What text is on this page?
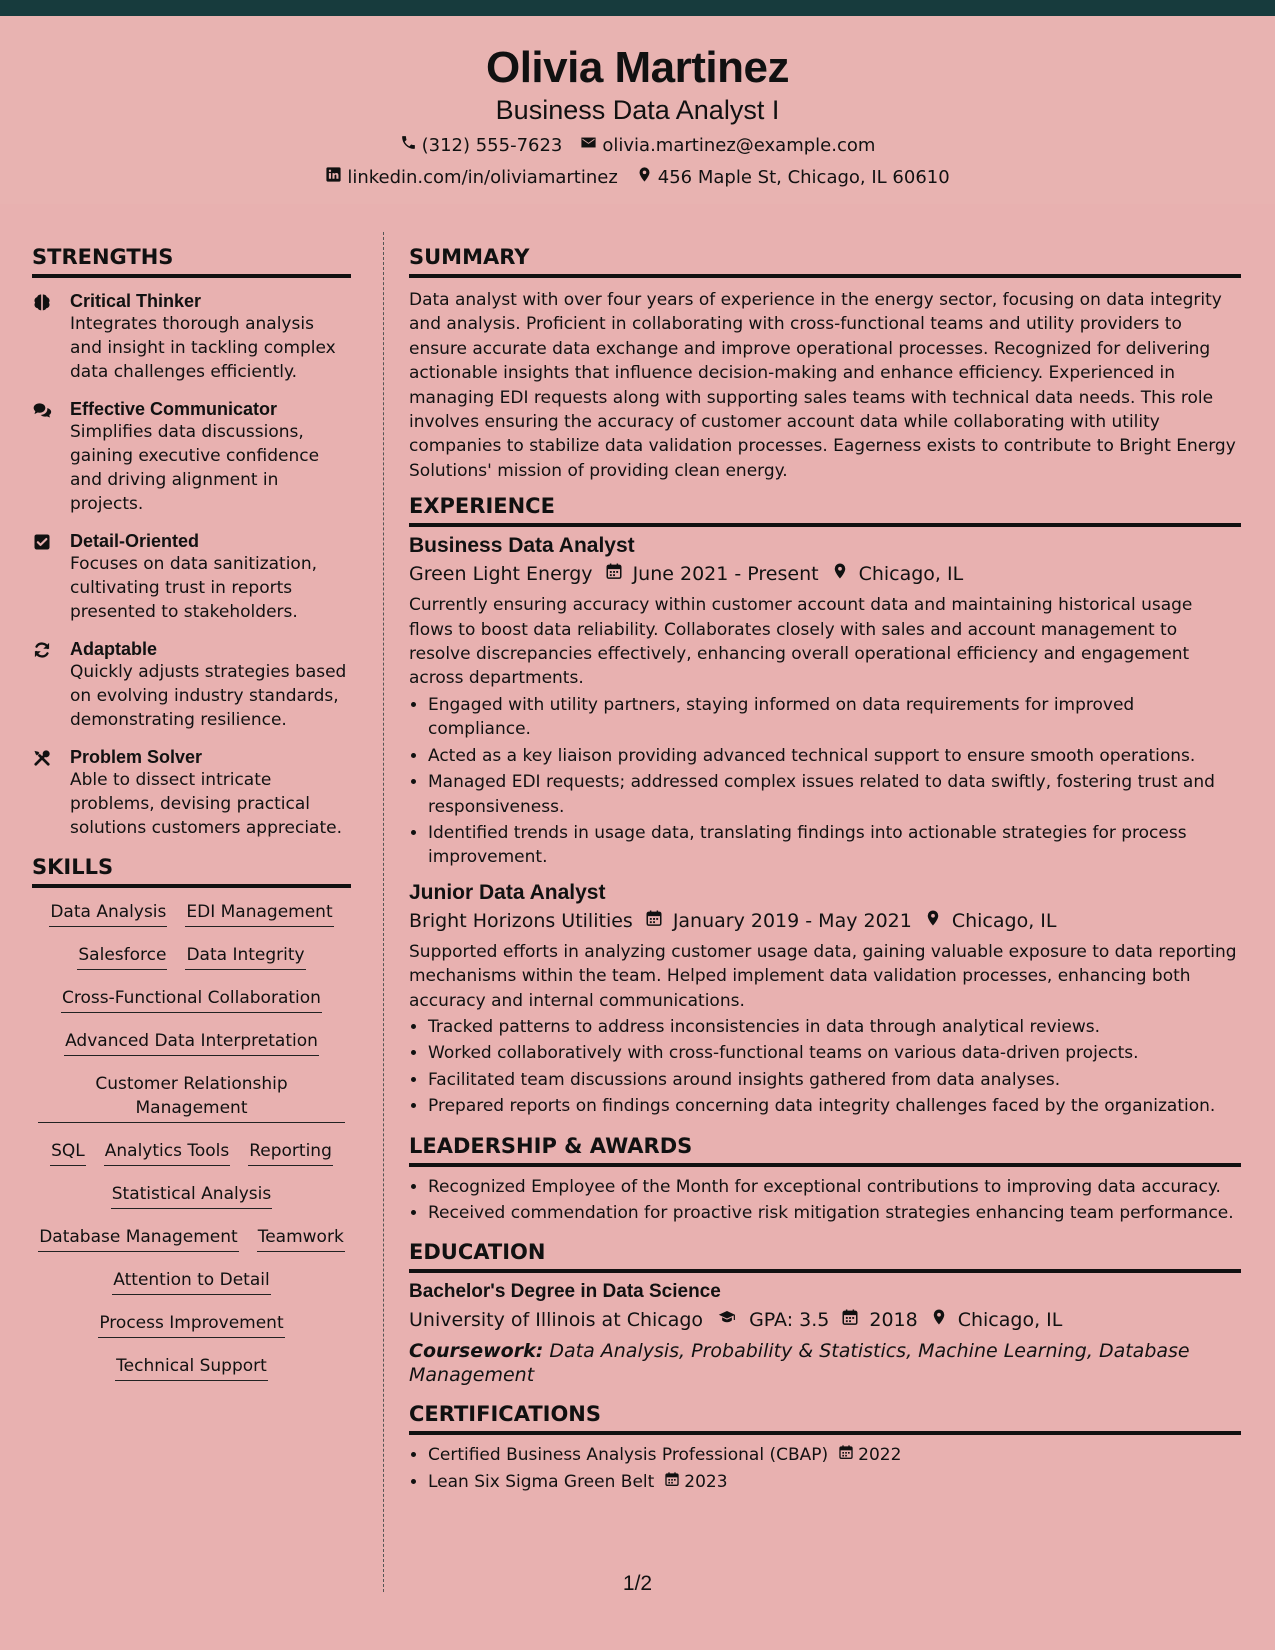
Olivia Martinez
Business Data Analyst I
(312) 555-7623 olivia.martinez@example.com
linkedin.com/in/oliviamartinez 456 Maple St, Chicago, IL 60610
STRENGTHS
Critical Thinker
Integrates thorough analysis and insight in tackling complex data challenges efficiently.
Effective Communicator
Simplifies data discussions, gaining executive confidence and driving alignment in projects.
Detail-Oriented
Focuses on data sanitization, cultivating trust in reports presented to stakeholders.
Adaptable
Quickly adjusts strategies based on evolving industry standards, demonstrating resilience.
Problem Solver
Able to dissect intricate problems, devising practical solutions customers appreciate.
SKILLS
Data Analysis EDI Management
Salesforce Data Integrity
Cross-Functional Collaboration
Advanced Data Interpretation
Customer Relationship Management
SQL Analytics Tools Reporting
Statistical Analysis
Database Management Teamwork
Attention to Detail
Process Improvement
Technical Support
SUMMARY
Data analyst with over four years of experience in the energy sector, focusing on data integrity and analysis. Proficient in collaborating with cross-functional teams and utility providers to ensure accurate data exchange and improve operational processes. Recognized for delivering actionable insights that influence decision-making and enhance efficiency. Experienced in managing EDI requests along with supporting sales teams with technical data needs. This role involves ensuring the accuracy of customer account data while collaborating with utility companies to stabilize data validation processes. Eagerness exists to contribute to Bright Energy Solutions' mission of providing clean energy.
EXPERIENCE
Business Data Analyst
Green Light Energy June 2021 - Present Chicago, IL
Currently ensuring accuracy within customer account data and maintaining historical usage flows to boost data reliability. Collaborates closely with sales and account management to resolve discrepancies effectively, enhancing overall operational efficiency and engagement across departments.
• Engaged with utility partners, staying informed on data requirements for improved compliance.
• Acted as a key liaison providing advanced technical support to ensure smooth operations.
• Managed EDI requests; addressed complex issues related to data swiftly, fostering trust and responsiveness.
• Identified trends in usage data, translating findings into actionable strategies for process improvement.
Junior Data Analyst
Bright Horizons Utilities January 2019 - May 2021 Chicago, IL
Supported efforts in analyzing customer usage data, gaining valuable exposure to data reporting mechanisms within the team. Helped implement data validation processes, enhancing both accuracy and internal communications.
• Tracked patterns to address inconsistencies in data through analytical reviews.
• Worked collaboratively with cross-functional teams on various data-driven projects.
• Facilitated team discussions around insights gathered from data analyses.
• Prepared reports on findings concerning data integrity challenges faced by the organization.
LEADERSHIP & AWARDS
• Recognized Employee of the Month for exceptional contributions to improving data accuracy.
• Received commendation for proactive risk mitigation strategies enhancing team performance.
EDUCATION
Bachelor's Degree in Data Science
University of Illinois at Chicago GPA: 3.5 2018 Chicago, IL
Coursework: Data Analysis, Probability & Statistics, Machine Learning, Database Management
CERTIFICATIONS
• Certified Business Analysis Professional (CBAP) 2022
• Lean Six Sigma Green Belt 2023
1/2
